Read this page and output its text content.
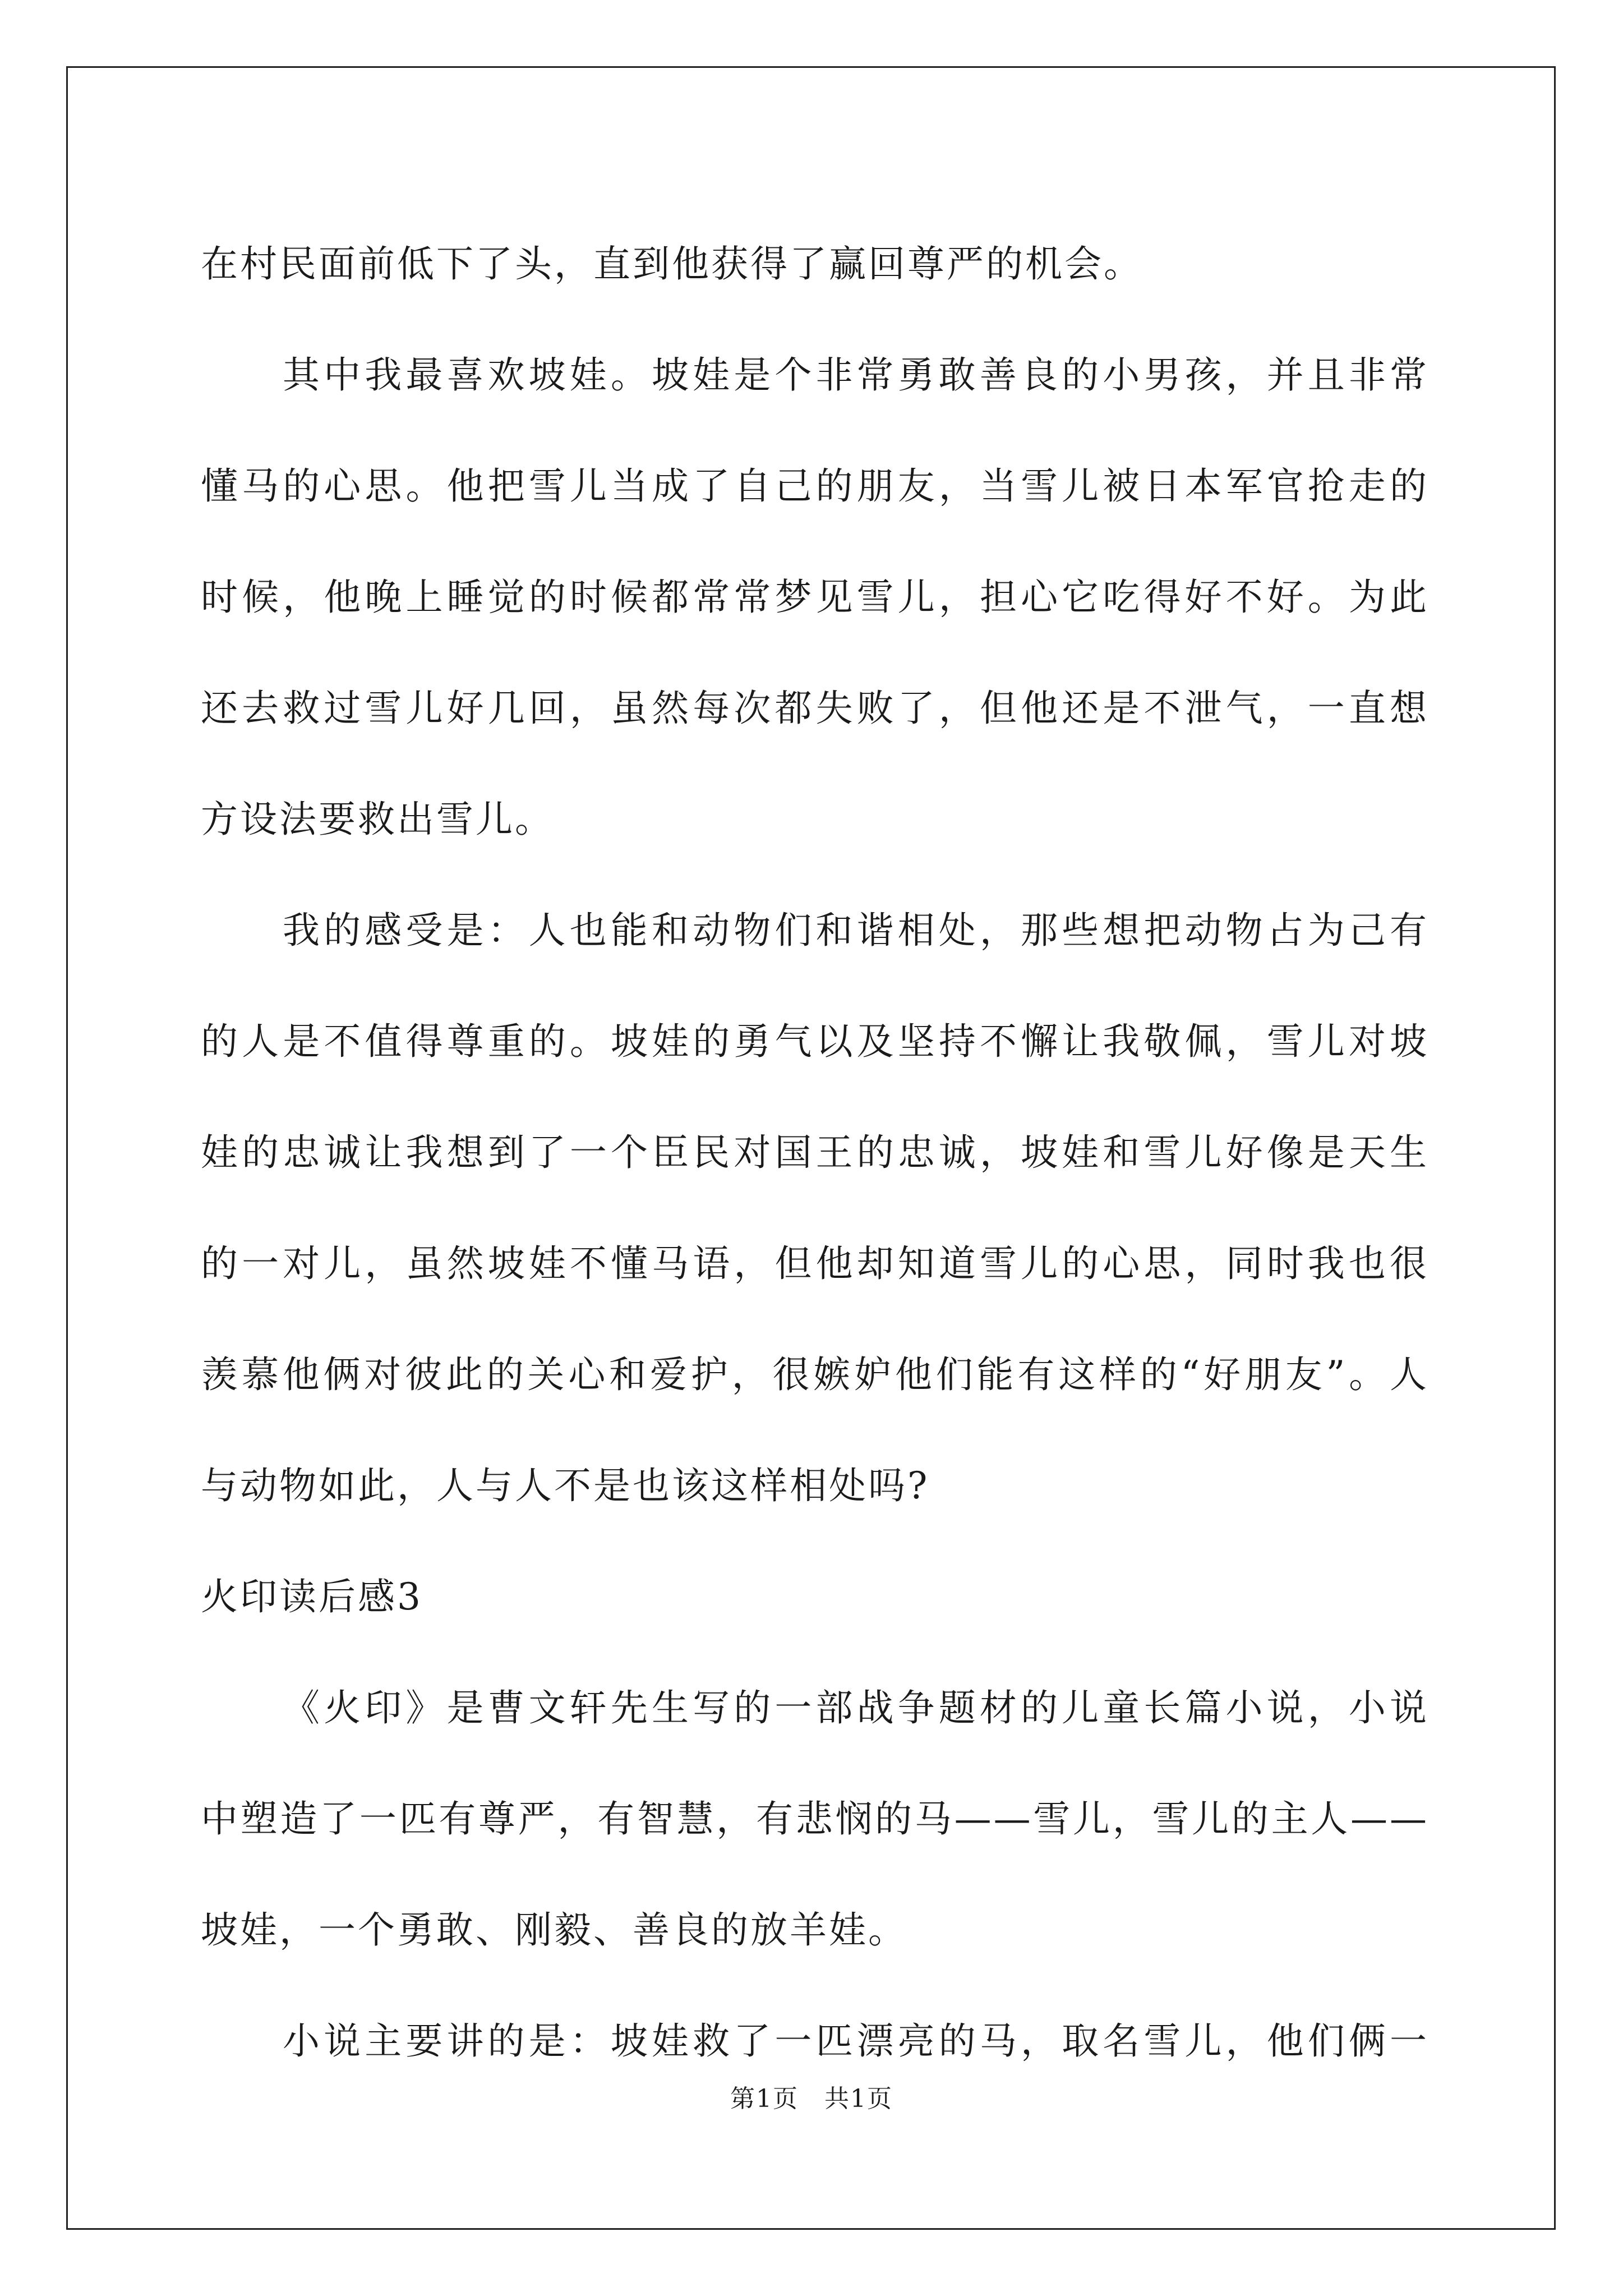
在村民面前低下了头，直到他获得了赢回尊严的机会。
其中我最喜欢坡娃。坡娃是个非常勇敢善良的小男孩，并且非常
懂马的心思。他把雪儿当成了自己的朋友，当雪儿被日本军官抢走的
时候，他晚上睡觉的时候都常常梦见雪儿，担心它吃得好不好。为此
还去救过雪儿好几回，虽然每次都失败了，但他还是不泄气，一直想
方设法要救出雪儿。
我的感受是：人也能和动物们和谐相处，那些想把动物占为己有
的人是不值得尊重的。坡娃的勇气以及坚持不懈让我敬佩，雪儿对坡
娃的忠诚让我想到了一个臣民对国王的忠诚，坡娃和雪儿好像是天生
的一对儿，虽然坡娃不懂马语，但他却知道雪儿的心思，同时我也很
羡慕他俩对彼此的关心和爱护，很嫉妒他们能有这样的“好朋友”。人
与动物如此，人与人不是也该这样相处吗?
火印读后感3
《火印》是曹文轩先生写的一部战争题材的儿童长篇小说，小说
中塑造了一匹有尊严，有智慧，有悲悯的马——雪儿，雪儿的主人——
坡娃，一个勇敢、刚毅、善良的放羊娃。
小说主要讲的是：坡娃救了一匹漂亮的马，取名雪儿，他们俩一
第1页　共1页
